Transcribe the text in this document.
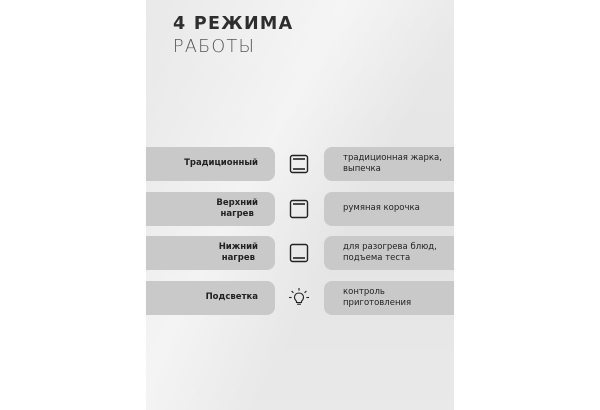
4 РЕЖИМА
РАБОТЫ
Традиционный
традиционная жарка, выпечка
Верхний
нагрев
румяная корочка
Нижний
нагрев
для разогрева блюд, подъема теста
Подсветка
контроль приготовления
